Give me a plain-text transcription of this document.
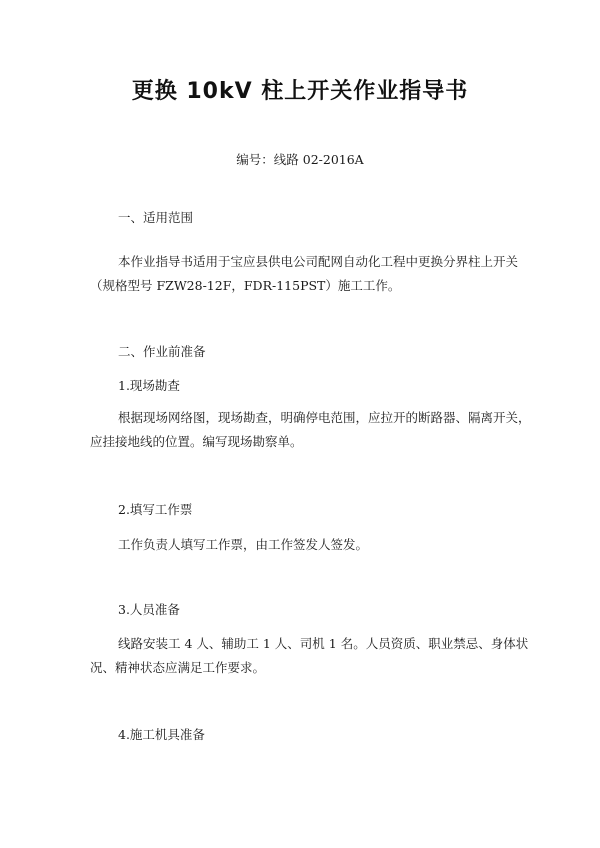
更换 10kV 柱上开关作业指导书
编号：线路 02-2016A
一、适用范围
本作业指导书适用于宝应县供电公司配网自动化工程中更换分界柱上开关
（规格型号 FZW28-12F，FDR-115PST）施工工作。
二、作业前准备
1.现场勘查
根据现场网络图，现场勘查，明确停电范围，应拉开的断路器、隔离开关，
应挂接地线的位置。编写现场勘察单。
2.填写工作票
工作负责人填写工作票，由工作签发人签发。
3.人员准备
线路安装工 4 人、辅助工 1 人、司机 1 名。人员资质、职业禁忌、身体状
况、精神状态应满足工作要求。
4.施工机具准备
